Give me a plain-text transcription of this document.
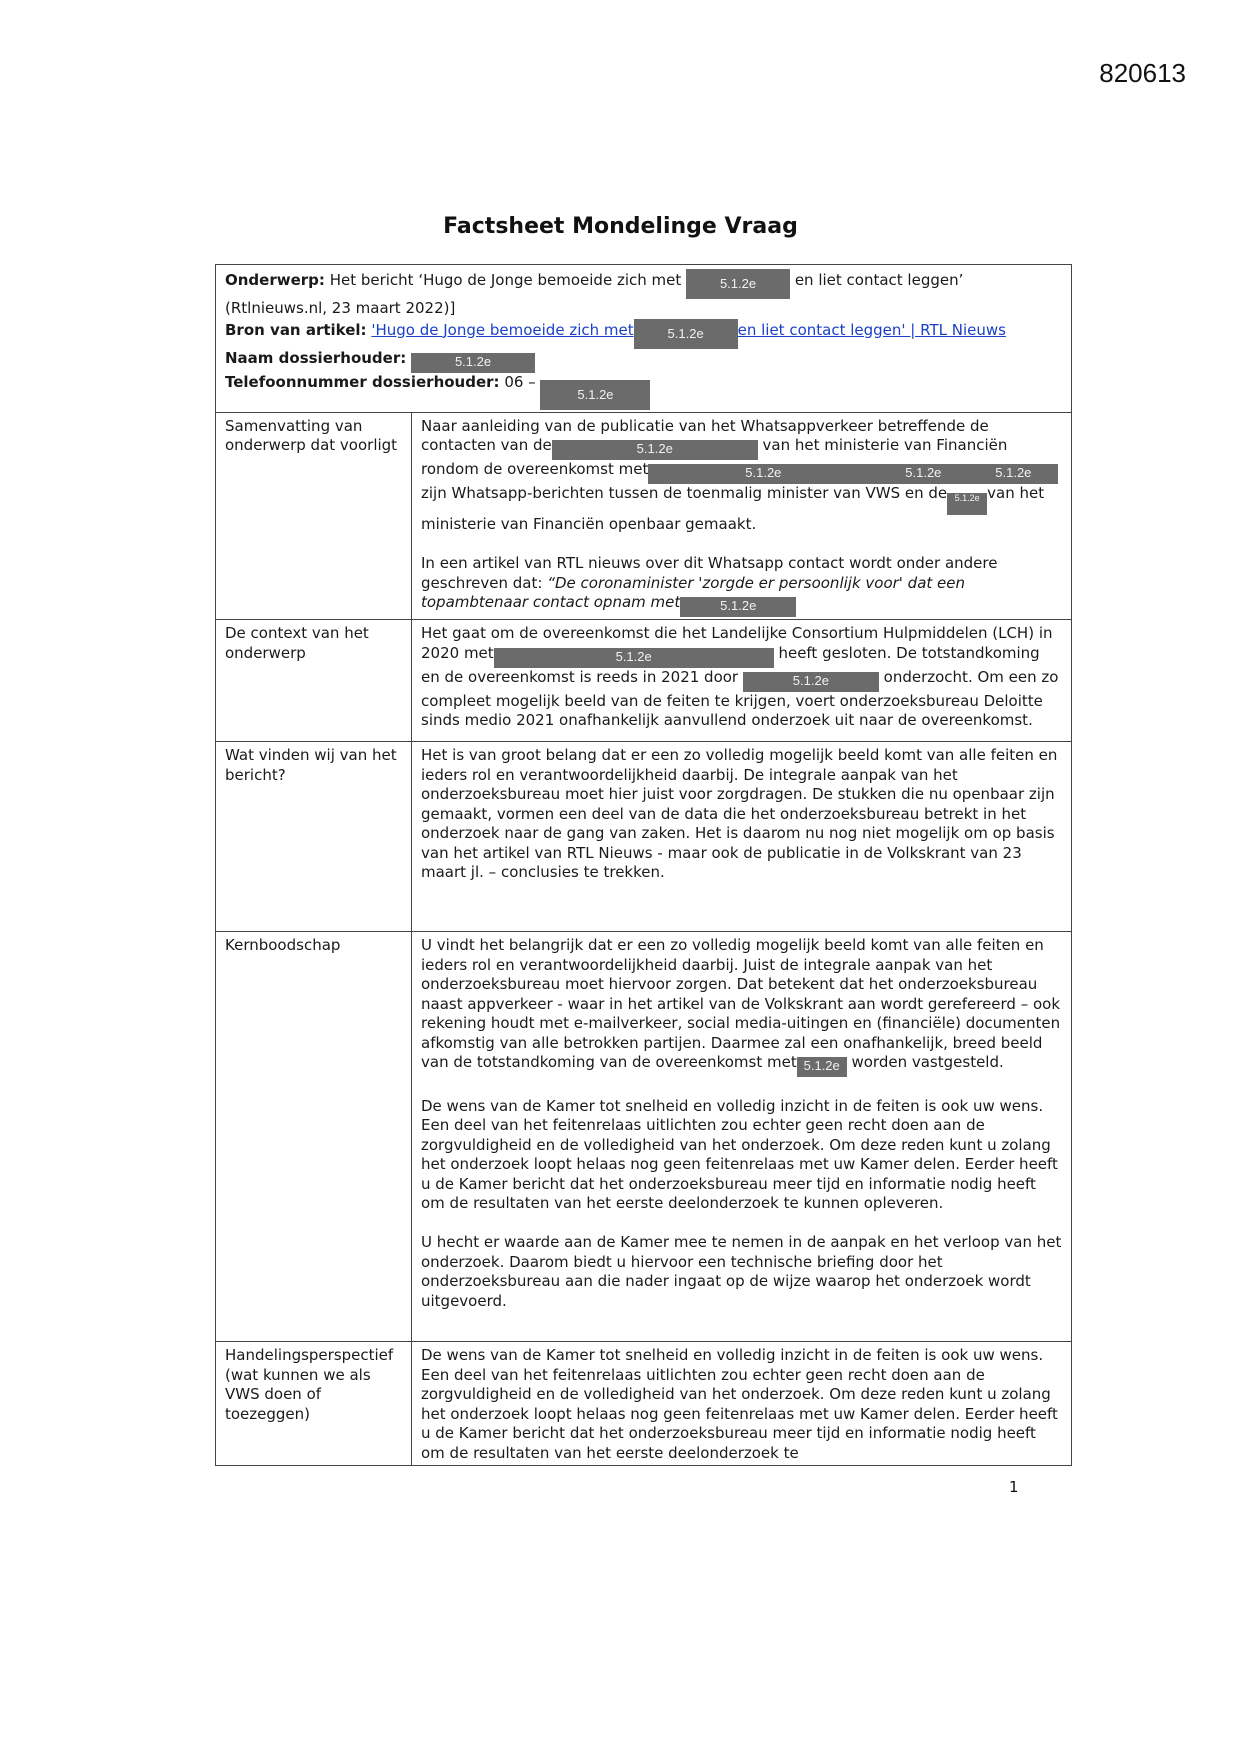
820613
Factsheet Mondelinge Vraag
Onderwerp: Het bericht ‘Hugo de Jonge bemoeide zich met 5.1.2e en liet contact leggen’
(Rtlnieuws.nl, 23 maart 2022)]
Bron van artikel: 'Hugo de Jonge bemoeide zich met 5.1.2e en liet contact leggen' | RTL Nieuws
Naam dossierhouder: 5.1.2e
Telefoonnummer dossierhouder: 06 – 5.1.2e	

Samenvatting van onderwerp dat voorligt	Naar aanleiding van de publicatie van het Whatsappverkeer betreffende de contacten van de 5.1.2e van het ministerie van Financiën rondom de overeenkomst met 5.1.2e 5.1.2e 5.1.2e zijn Whatsapp-berichten tussen de toenmalig minister van VWS en de 5.1.2e van het ministerie van Financiën openbaar gemaakt.

In een artikel van RTL nieuws over dit Whatsapp contact wordt onder andere geschreven dat: “De coronaminister 'zorgde er persoonlijk voor' dat een topambtenaar contact opnam met 5.1.2e

De context van het onderwerp	Het gaat om de overeenkomst die het Landelijke Consortium Hulpmiddelen (LCH) in 2020 met 5.1.2e heeft gesloten. De totstandkoming en de overeenkomst is reeds in 2021 door 5.1.2e onderzocht. Om een zo compleet mogelijk beeld van de feiten te krijgen, voert onderzoeksbureau Deloitte sinds medio 2021 onafhankelijk aanvullend onderzoek uit naar de overeenkomst.

Wat vinden wij van het bericht?	Het is van groot belang dat er een zo volledig mogelijk beeld komt van alle feiten en ieders rol en verantwoordelijkheid daarbij. De integrale aanpak van het onderzoeksbureau moet hier juist voor zorgdragen. De stukken die nu openbaar zijn gemaakt, vormen een deel van de data die het onderzoeksbureau betrekt in het onderzoek naar de gang van zaken. Het is daarom nu nog niet mogelijk om op basis van het artikel van RTL Nieuws - maar ook de publicatie in de Volkskrant van 23 maart jl. – conclusies te trekken.

Kernboodschap	U vindt het belangrijk dat er een zo volledig mogelijk beeld komt van alle feiten en ieders rol en verantwoordelijkheid daarbij. Juist de integrale aanpak van het onderzoeksbureau moet hiervoor zorgen. Dat betekent dat het onderzoeksbureau naast appverkeer - waar in het artikel van de Volkskrant aan wordt gerefereerd – ook rekening houdt met e-mailverkeer, social media-uitingen en (financiële) documenten afkomstig van alle betrokken partijen. Daarmee zal een onafhankelijk, breed beeld van de totstandkoming van de overeenkomst met 5.1.2e worden vastgesteld.

De wens van de Kamer tot snelheid en volledig inzicht in de feiten is ook uw wens. Een deel van het feitenrelaas uitlichten zou echter geen recht doen aan de zorgvuldigheid en de volledigheid van het onderzoek. Om deze reden kunt u zolang het onderzoek loopt helaas nog geen feitenrelaas met uw Kamer delen. Eerder heeft u de Kamer bericht dat het onderzoeksbureau meer tijd en informatie nodig heeft om de resultaten van het eerste deelonderzoek te kunnen opleveren.

U hecht er waarde aan de Kamer mee te nemen in de aanpak en het verloop van het onderzoek. Daarom biedt u hiervoor een technische briefing door het onderzoeksbureau aan die nader ingaat op de wijze waarop het onderzoek wordt uitgevoerd.

Handelingsperspectief (wat kunnen we als VWS doen of toezeggen)	De wens van de Kamer tot snelheid en volledig inzicht in de feiten is ook uw wens. Een deel van het feitenrelaas uitlichten zou echter geen recht doen aan de zorgvuldigheid en de volledigheid van het onderzoek. Om deze reden kunt u zolang het onderzoek loopt helaas nog geen feitenrelaas met uw Kamer delen. Eerder heeft u de Kamer bericht dat het onderzoeksbureau meer tijd en informatie nodig heeft om de resultaten van het eerste deelonderzoek te

1
